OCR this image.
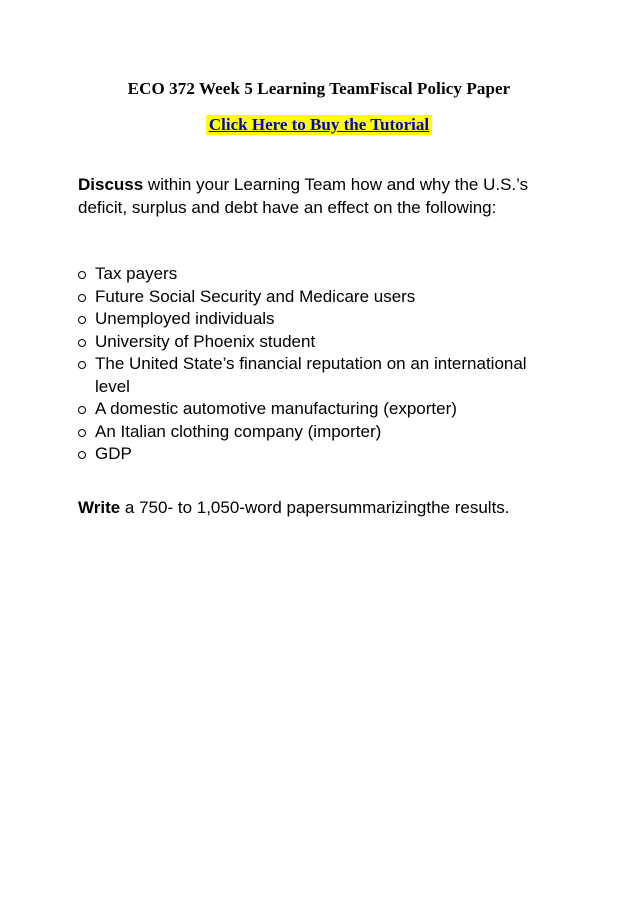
ECO 372 Week 5 Learning TeamFiscal Policy Paper
Click Here to Buy the Tutorial
Discuss within your Learning Team how and why the U.S.’s deficit, surplus and debt have an effect on the following:
Tax payers
Future Social Security and Medicare users
Unemployed individuals
University of Phoenix student
The United State’s financial reputation on an international level
A domestic automotive manufacturing (exporter)
An Italian clothing company (importer)
GDP
Write a 750- to 1,050-word papersummarizingthe results.
